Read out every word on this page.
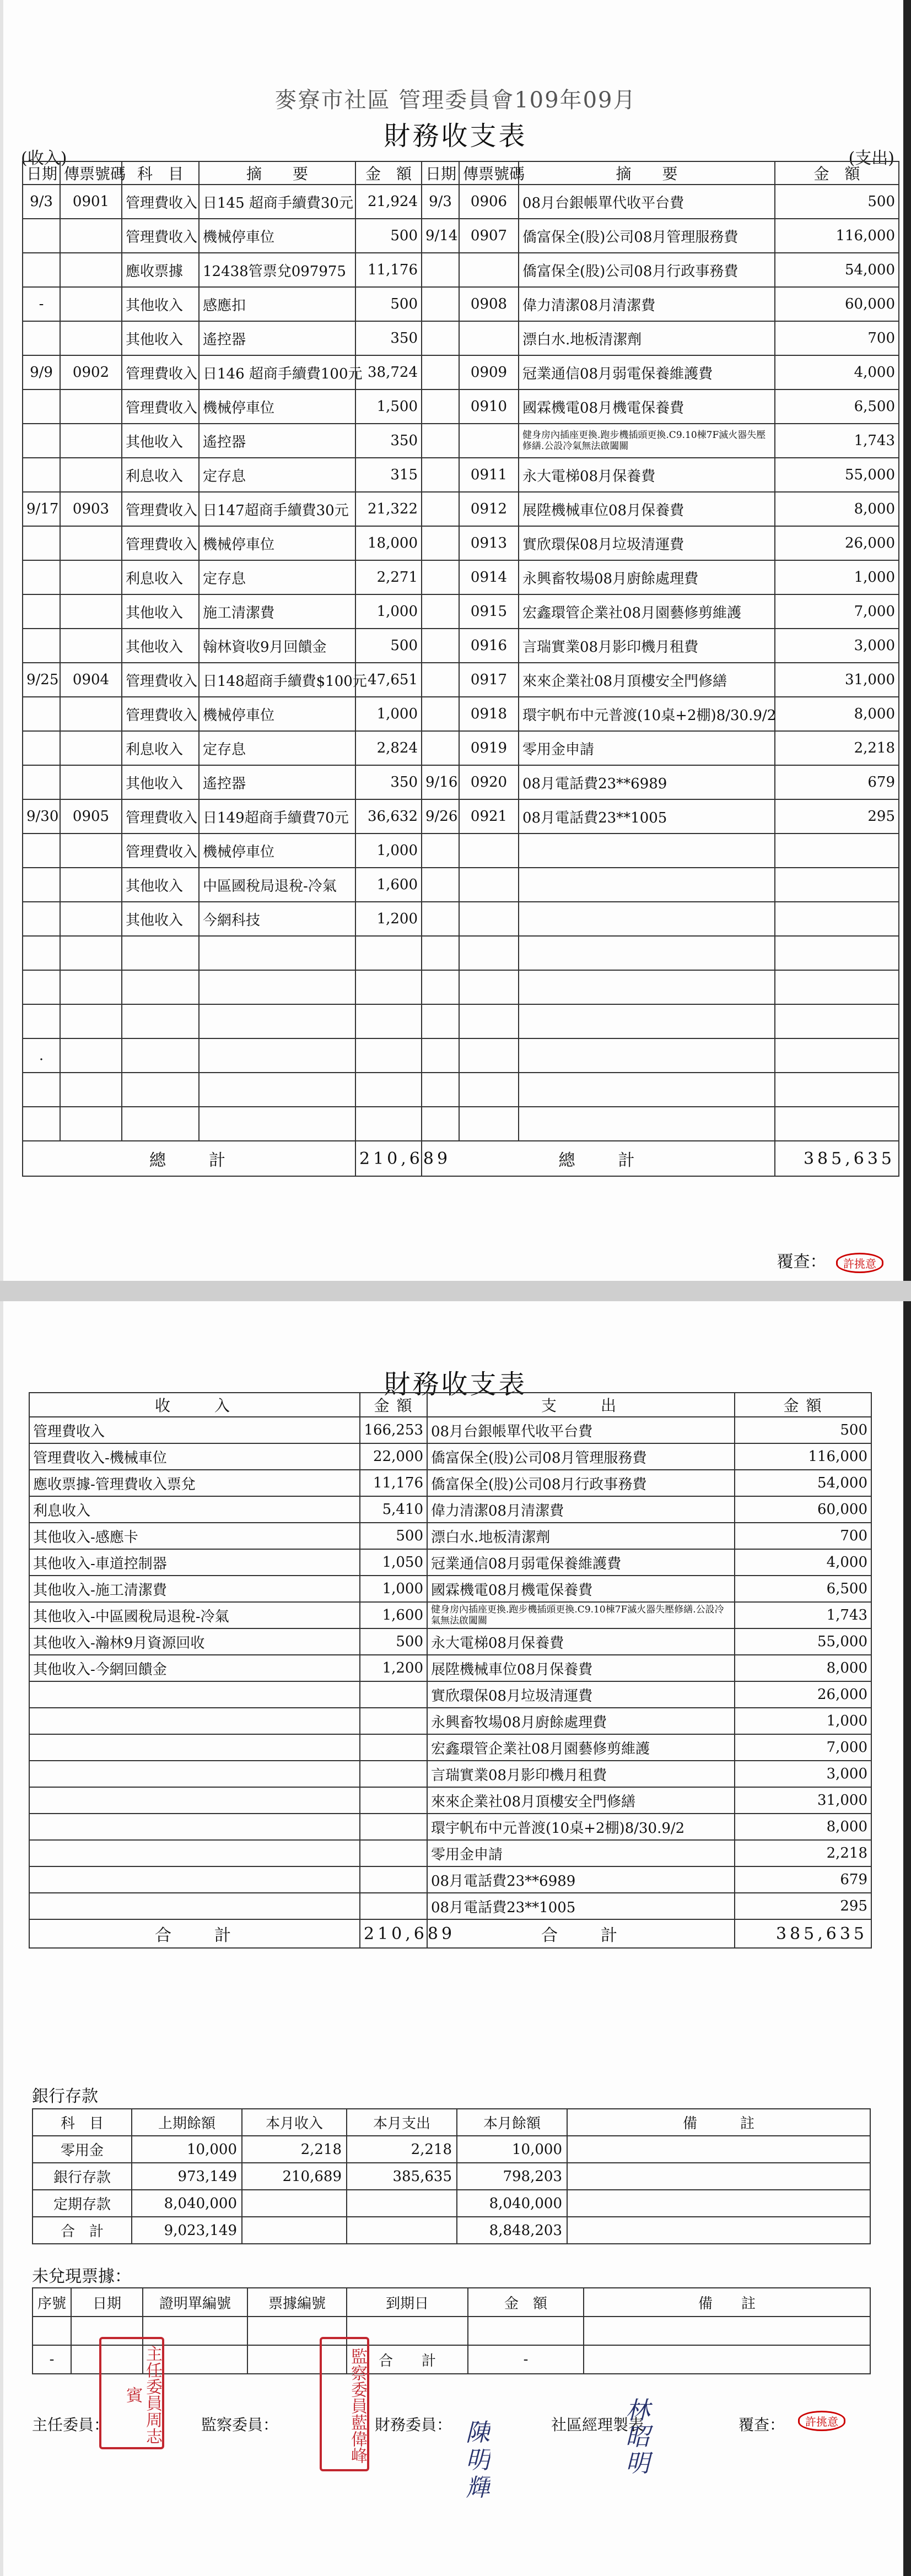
麥寮市社區 管理委員會109年09月
財務收支表
(收入)	(支出)
日期	傳票號碼	科　目	摘　　要	金　額	日期	傳票號碼	摘　　要	金　額
9/3	0901	管理費收入	日145 超商手續費30元	21,924	9/3	0906	08月台銀帳單代收平台費	500
		管理費收入	機械停車位	500	9/14	0907	僑富保全(股)公司08月管理服務費	116,000
		應收票據	12438管票兌097975	11,176			僑富保全(股)公司08月行政事務費	54,000
-		其他收入	感應扣	500		0908	偉力清潔08月清潔費	60,000
		其他收入	遙控器	350			漂白水.地板清潔劑	700
9/9	0902	管理費收入	日146 超商手續費100元	38,724		0909	冠業通信08月弱電保養維護費	4,000
		管理費收入	機械停車位	1,500		0910	國霖機電08月機電保養費	6,500
		其他收入	遙控器	350			健身房內插座更換.跑步機插頭更換.C9.10棟7F滅火器失壓修繕.公設冷氣無法啟闔關	1,743
		利息收入	定存息	315		0911	永大電梯08月保養費	55,000
9/17	0903	管理費收入	日147超商手續費30元	21,322		0912	展陞機械車位08月保養費	8,000
		管理費收入	機械停車位	18,000		0913	實欣環保08月垃圾清運費	26,000
		利息收入	定存息	2,271		0914	永興畜牧場08月廚餘處理費	1,000
		其他收入	施工清潔費	1,000		0915	宏鑫環管企業社08月園藝修剪維護	7,000
		其他收入	翰林資收9月回饋金	500		0916	言瑞實業08月影印機月租費	3,000
9/25	0904	管理費收入	日148超商手續費$100元	47,651		0917	來來企業社08月頂樓安全門修繕	31,000
		管理費收入	機械停車位	1,000		0918	環宇帆布中元普渡(10桌+2棚)8/30.9/2	8,000
		利息收入	定存息	2,824		0919	零用金申請	2,218
		其他收入	遙控器	350	9/16	0920	08月電話費23**6989	679
9/30	0905	管理費收入	日149超商手續費70元	36,632	9/26	0921	08月電話費23**1005	295
		管理費收入	機械停車位	1,000				
		其他收入	中區國稅局退稅-冷氣	1,600				
		其他收入	今網科技	1,200				

.								

總　　計				210,689	總　　計			385,635
覆查： 許挑意
財務收支表
收　　入	金 額	支　　出	金 額
管理費收入	166,253	08月台銀帳單代收平台費	500
管理費收入-機械車位	22,000	僑富保全(股)公司08月管理服務費	116,000
應收票據-管理費收入票兌	11,176	僑富保全(股)公司08月行政事務費	54,000
利息收入	5,410	偉力清潔08月清潔費	60,000
其他收入-感應卡	500	漂白水.地板清潔劑	700
其他收入-車道控制器	1,050	冠業通信08月弱電保養維護費	4,000
其他收入-施工清潔費	1,000	國霖機電08月機電保養費	6,500
其他收入-中區國稅局退稅-冷氣	1,600	健身房內插座更換.跑步機插頭更換.C9.10棟7F滅火器失壓修繕.公設冷氣無法啟闔關	1,743
其他收入-瀚林9月資源回收	500	永大電梯08月保養費	55,000
其他收入-今網回饋金	1,200	展陞機械車位08月保養費	8,000
		實欣環保08月垃圾清運費	26,000
		永興畜牧場08月廚餘處理費	1,000
		宏鑫環管企業社08月園藝修剪維護	7,000
		言瑞實業08月影印機月租費	3,000
		來來企業社08月頂樓安全門修繕	31,000
		環宇帆布中元普渡(10桌+2棚)8/30.9/2	8,000
		零用金申請	2,218
		08月電話費23**6989	679
		08月電話費23**1005	295
合　　計	210,689	合　　計	385,635
銀行存款
科　目	上期餘額	本月收入	本月支出	本月餘額	備　　　註
零用金	10,000	2,218	2,218	10,000	
銀行存款	973,149	210,689	385,635	798,203	
定期存款	8,040,000			8,040,000	
合　計	9,023,149			8,848,203	
未兌現票據：
序號	日期	證明單編號	票據編號	到期日	金　額	備　　註

-				合　　計	-	
主任委員：	監察委員：	財務委員：	社區經理製表	覆查：	許挑意
主任委員周志賓	監察委員藍偉峰	陳明輝	林昭明
